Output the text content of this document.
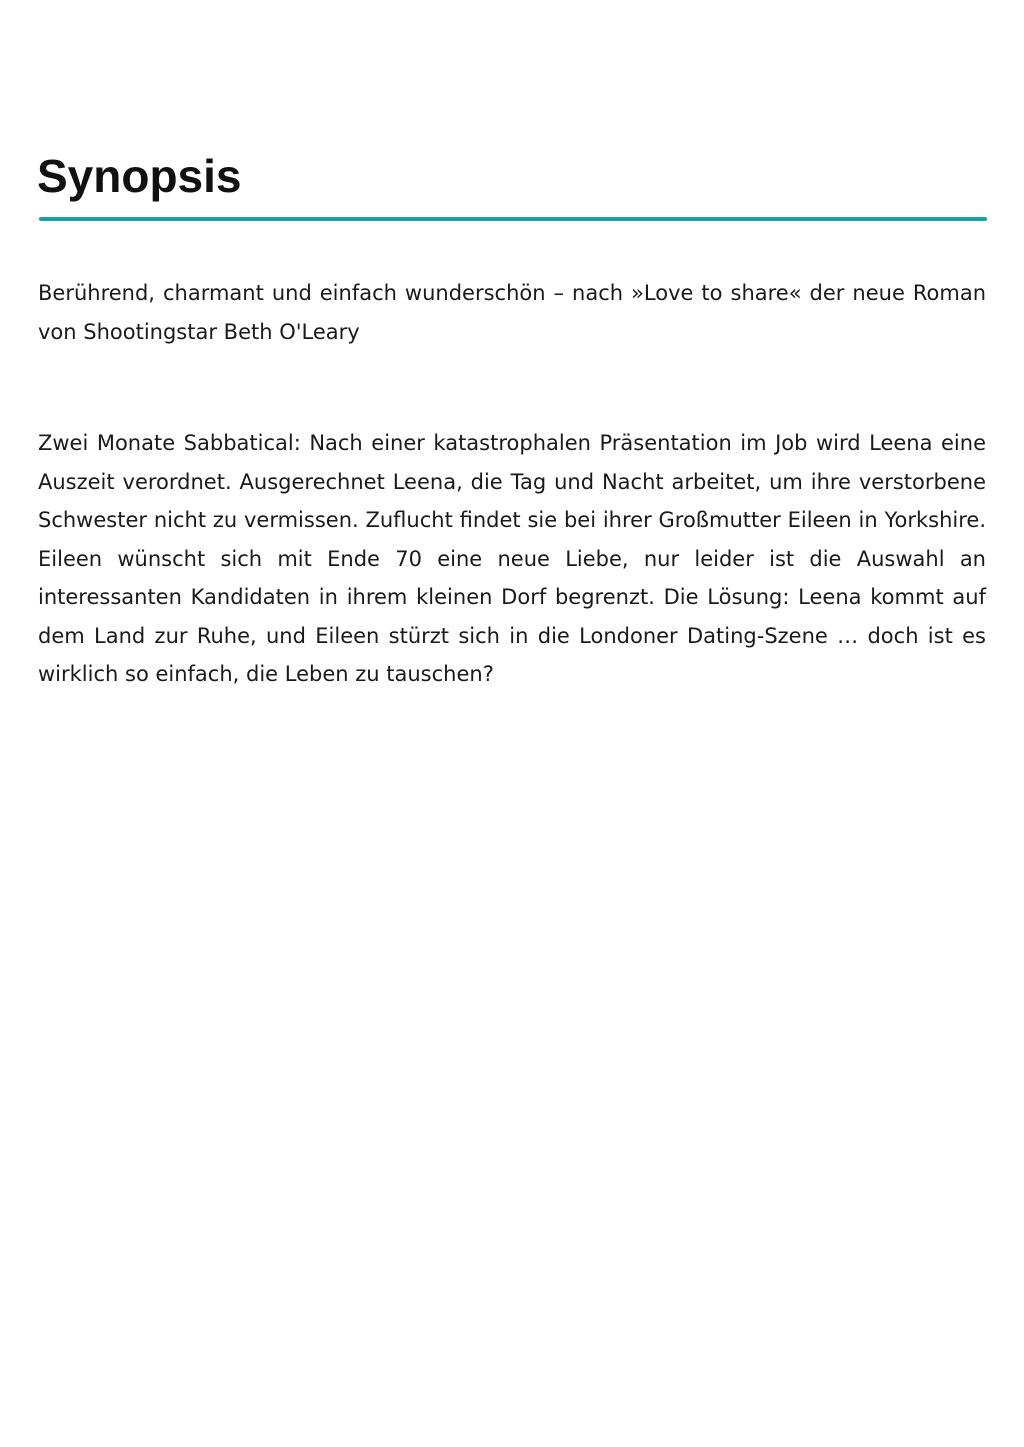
Synopsis

Berührend, charmant und einfach wunderschön – nach »Love to share« der neue Roman von Shootingstar Beth O'Leary

Zwei Monate Sabbatical: Nach einer katastrophalen Präsentation im Job wird Leena eine Auszeit verordnet. Ausgerechnet Leena, die Tag und Nacht arbeitet, um ihre verstorbene Schwester nicht zu vermissen. Zuflucht findet sie bei ihrer Großmutter Eileen in Yorkshire. Eileen wünscht sich mit Ende 70 eine neue Liebe, nur leider ist die Auswahl an interessanten Kandidaten in ihrem kleinen Dorf begrenzt. Die Lösung: Leena kommt auf dem Land zur Ruhe, und Eileen stürzt sich in die Londoner Dating-Szene … doch ist es wirklich so einfach, die Leben zu tauschen?
